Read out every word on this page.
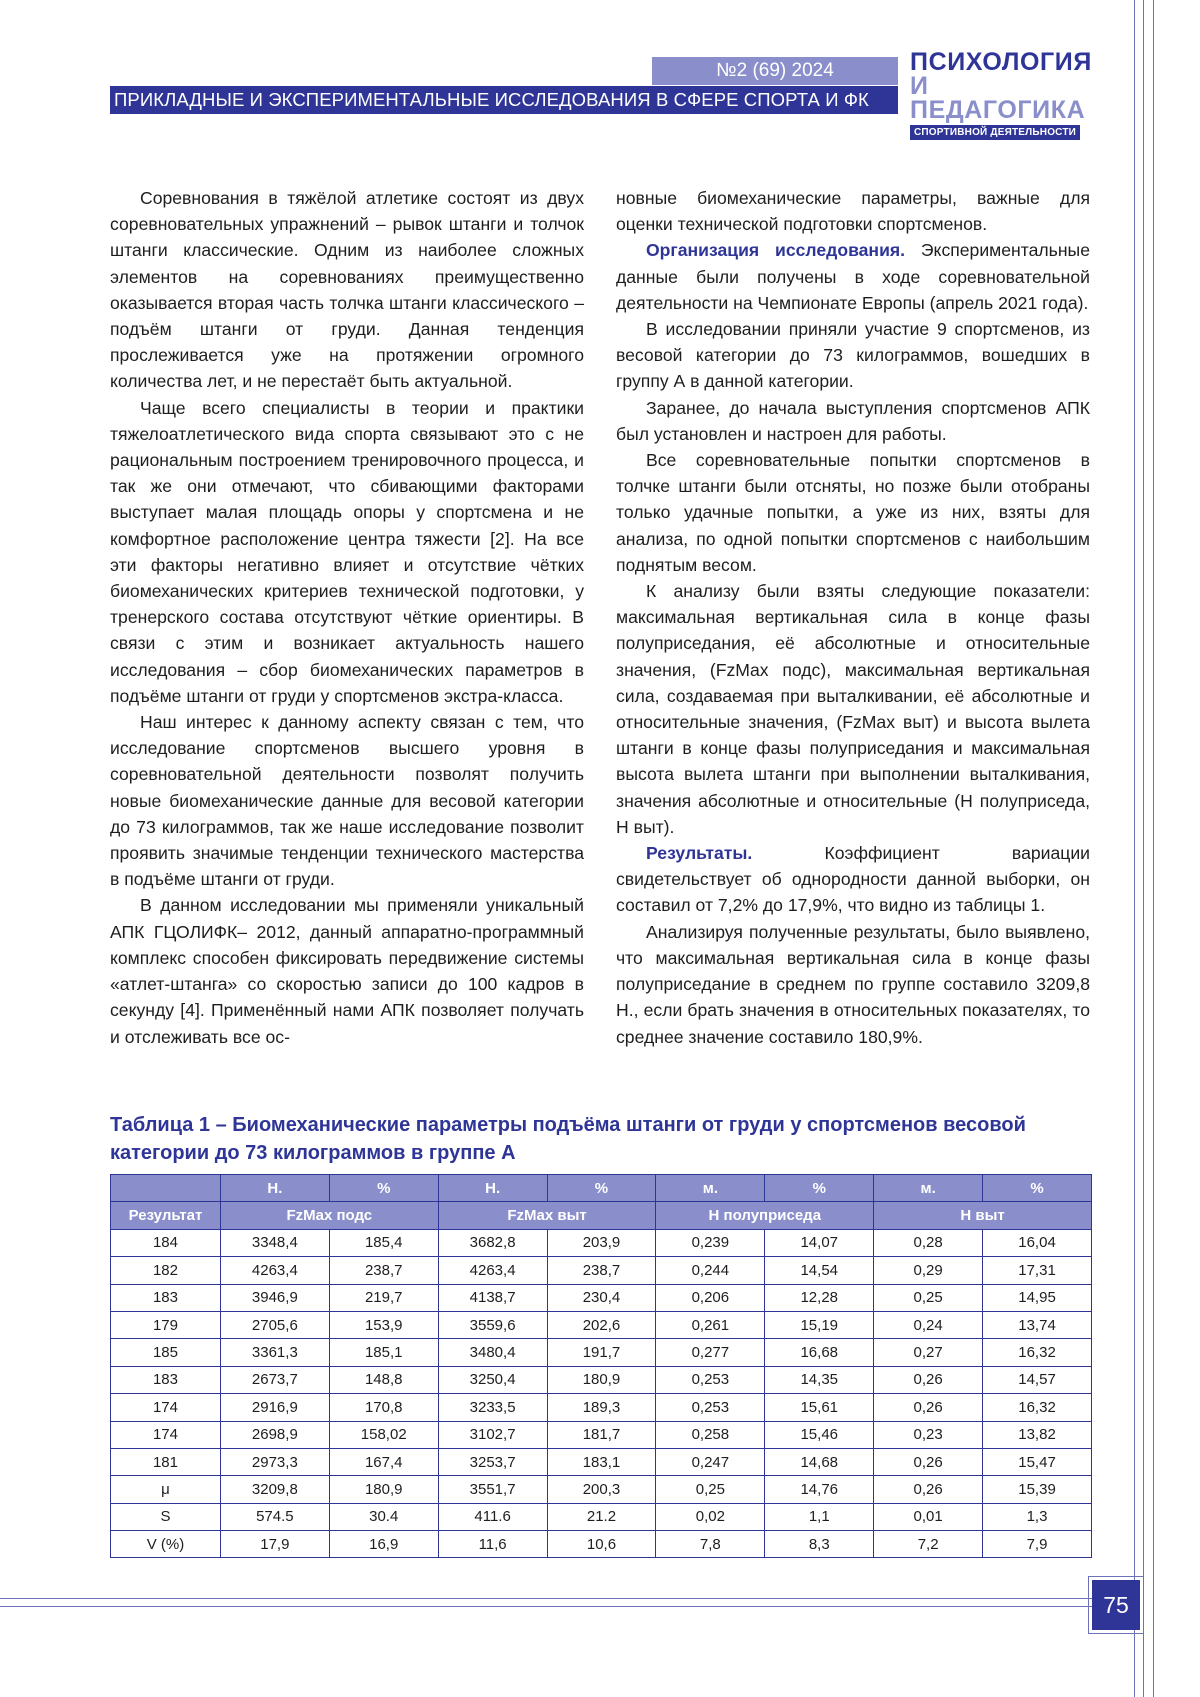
№2 (69) 2024
ПРИКЛАДНЫЕ И ЭКСПЕРИМЕНТАЛЬНЫЕ ИССЛЕДОВАНИЯ В СФЕРЕ СПОРТА И ФК
ПСИХОЛОГИЯ
И ПЕДАГОГИКА
СПОРТИВНОЙ ДЕЯТЕЛЬНОСТИ

Соревнования в тяжёлой атлетике состоят из двух соревновательных упражнений – рывок штанги и толчок штанги классические. Одним из наиболее сложных элементов на соревнованиях преимущественно оказывается вторая часть толчка штанги классического – подъём штанги от груди. Данная тенденция прослеживается уже на протяжении огромного количества лет, и не перестаёт быть актуальной.

Чаще всего специалисты в теории и практики тяжелоатлетического вида спорта связывают это с не рациональным построением тренировочного процесса, и так же они отмечают, что сбивающими факторами выступает малая площадь опоры у спортсмена и не комфортное расположение центра тяжести [2]. На все эти факторы негативно влияет и отсутствие чётких биомеханических критериев технической подготовки, у тренерского состава отсутствуют чёткие ориентиры. В связи с этим и возникает актуальность нашего исследования – сбор биомеханических параметров в подъёме штанги от груди у спортсменов экстра-класса.

Наш интерес к данному аспекту связан с тем, что исследование спортсменов высшего уровня в соревновательной деятельности позволят получить новые биомеханические данные для весовой категории до 73 килограммов, так же наше исследование позволит проявить значимые тенденции технического мастерства в подъёме штанги от груди.

В данном исследовании мы применяли уникальный АПК ГЦОЛИФК– 2012, данный аппаратно-программный комплекс способен фиксировать передвижение системы «атлет-штанга» со скоростью записи до 100 кадров в секунду [4]. Применённый нами АПК позволяет получать и отслеживать все ос-

новные биомеханические параметры, важные для оценки технической подготовки спортсменов.

Организация исследования. Экспериментальные данные были получены в ходе соревновательной деятельности на Чемпионате Европы (апрель 2021 года).

В исследовании приняли участие 9 спортсменов, из весовой категории до 73 килограммов, вошедших в группу А в данной категории.

Заранее, до начала выступления спортсменов АПК был установлен и настроен для работы.

Все соревновательные попытки спортсменов в толчке штанги были отсняты, но позже были отобраны только удачные попытки, а уже из них, взяты для анализа, по одной попытки спортсменов с наибольшим поднятым весом.

К анализу были взяты следующие показатели: максимальная вертикальная сила в конце фазы полуприседания, её абсолютные и относительные значения, (FzMax подс), максимальная вертикальная сила, создаваемая при выталкивании, её абсолютные и относительные значения, (FzMax выт) и высота вылета штанги в конце фазы полуприседания и максимальная высота вылета штанги при выполнении выталкивания, значения абсолютные и относительные (H полуприседа, H выт).

Результаты. Коэффициент вариации свидетельствует об однородности данной выборки, он составил от 7,2% до 17,9%, что видно из таблицы 1.

Анализируя полученные результаты, было выявлено, что максимальная вертикальная сила в конце фазы полуприседание в среднем по группе составило 3209,8 Н., если брать значения в относительных показателях, то среднее значение составило 180,9%.

Таблица 1 – Биомеханические параметры подъёма штанги от груди у спортсменов весовой категории до 73 килограммов в группе А
	Н.	%	Н.	%	м.	%	м.	%
Результат	FzMax подс		FzMax выт		H полуприседа		H выт	
184	3348,4	185,4	3682,8	203,9	0,239	14,07	0,28	16,04
182	4263,4	238,7	4263,4	238,7	0,244	14,54	0,29	17,31
183	3946,9	219,7	4138,7	230,4	0,206	12,28	0,25	14,95
179	2705,6	153,9	3559,6	202,6	0,261	15,19	0,24	13,74
185	3361,3	185,1	3480,4	191,7	0,277	16,68	0,27	16,32
183	2673,7	148,8	3250,4	180,9	0,253	14,35	0,26	14,57
174	2916,9	170,8	3233,5	189,3	0,253	15,61	0,26	16,32
174	2698,9	158,02	3102,7	181,7	0,258	15,46	0,23	13,82
181	2973,3	167,4	3253,7	183,1	0,247	14,68	0,26	15,47
μ	3209,8	180,9	3551,7	200,3	0,25	14,76	0,26	15,39
S	574.5	30.4	411.6	21.2	0,02	1,1	0,01	1,3
V (%)	17,9	16,9	11,6	10,6	7,8	8,3	7,2	7,9
75
